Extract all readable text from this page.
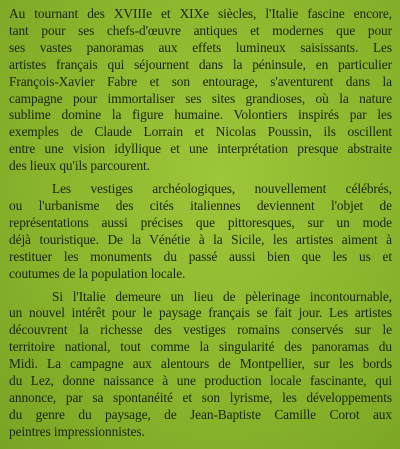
Au tournant des XVIIIe et XIXe siècles, l'Italie fascine encore,
tant pour ses chefs-d'œuvre antiques et modernes que pour
ses vastes panoramas aux effets lumineux saisissants. Les
artistes français qui séjournent dans la péninsule, en particulier
François-Xavier Fabre et son entourage, s'aventurent dans la
campagne pour immortaliser ses sites grandioses, où la nature
sublime domine la figure humaine. Volontiers inspirés par les
exemples de Claude Lorrain et Nicolas Poussin, ils oscillent
entre une vision idyllique et une interprétation presque abstraite
des lieux qu'ils parcourent.

Les vestiges archéologiques, nouvellement célébrés,
ou l'urbanisme des cités italiennes deviennent l'objet de
représentations aussi précises que pittoresques, sur un mode
déjà touristique. De la Vénétie à la Sicile, les artistes aiment à
restituer les monuments du passé aussi bien que les us et
coutumes de la population locale.

Si l'Italie demeure un lieu de pèlerinage incontournable,
un nouvel intérêt pour le paysage français se fait jour. Les artistes
découvrent la richesse des vestiges romains conservés sur le
territoire national, tout comme la singularité des panoramas du
Midi. La campagne aux alentours de Montpellier, sur les bords
du Lez, donne naissance à une production locale fascinante, qui
annonce, par sa spontanéité et son lyrisme, les développements
du genre du paysage, de Jean-Baptiste Camille Corot aux
peintres impressionnistes.
